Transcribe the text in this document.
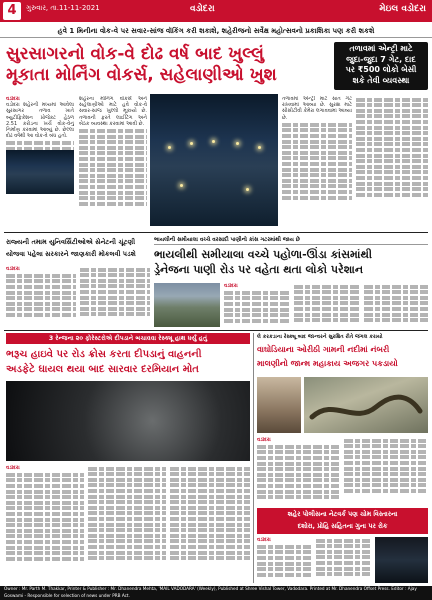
4	ગુરુવાર, તા.11-11-2021	વડોદરા	મેઇલ વડોદરા
હવે 1 મિનીના વોક-વે પર સવાર-સાંજ વૉકિંગ કરી શકાશે, શહેરીજનો સર્વેક્ષ મહોત્સવનો પ્રકાશિકા પણ કરી શકશે
સુરસાગરનો વોક-વે દોઢ વર્ષ બાદ ખુલ્લું
મૂકાતા મોર્નિંગ વોકર્સ, સહેલાણીઓ ખુશ
તળાવમાં એન્ટ્રી માટે
જુદા-જુદા 7 ગેટ, દાદ
પર ₹500 લોકો બેસી
શકે તેવી વ્યવસ્થા
વડોદરા
વડોદરા શહેરની મધ્યમાં આવેલા સુરસાગર તળાવ ખાતે બ્યુટીફિકેશન પ્રોજેક્ટ હેઠળ 2.51 કરોડના ખર્ચે વોક-વેનું નિર્માણ કરવામાં આવ્યું છે. છેલ્લા દોઢ વર્ષથી આ વોક-વે બંધ હતો.
શહેરના મોર્નિંગ વોકર્સ અને સહેલાણીઓ માટે હવે વોક-વે સવાર-સાંજ ખુલ્લો મૂકાયો છે. તળાવની ફરતે લાઈટિંગ અને બેઠક વ્યવસ્થા કરવામાં આવી છે.
તળાવમાં એન્ટ્રી માટે સાત ગેટ રાખવામાં આવ્યા છે. સુરક્ષા માટે સીસીટીવી કેમેરા લગાવવામાં આવ્યા છે.
રાજ્યની તમામ યુનિવર્સિટીઓએ સેનેટની ચૂંટણી
યોજવા પહેલા સરકારને જાણકારી મોકલવી પડશે
વડોદરા
ભાયલીની સમીયાલા વચ્ચે વરસાદી પાણીનો કાંસ ગટરમાંથી જાય છે
ભાયલીથી સમીયાલા વચ્ચે પહોળા-ઊંડા કાંસમાંથી
ડ્રેનેજના પાણી રોડ પર વહેતા થતા લોકો પરેશાન
વડોદરા
3 રેન્જના ૨૦ ફોરેસ્ટરોએ દીપડાને બચાવવા રેસ્ક્યૂ હાથ ધર્યું હતું
ભરૂચ હાઇવે પર રોડ ક્રોસ કરતા દીપડાનું વાહનની
અડફેટે ઘાયલ થયા બાદ સારવાર દરમિયાન મોત
વડોદરા
લે કરકડાના રેસ્ક્યૂ બાદ જાન્વરને સુરક્ષિત રીતે જંગલ કરાયો
વાઘોડિયાના ઓરીઠી ગામની નદીમાં નંબરી
માલણીનો જાન્મ મહાકાય અજગર પકડાયો
વડોદરા
શહેર પોલીસના નેટવર્ક પણ ચોમ વિસ્તારના
દશોરા, પ્રોહિ સહિતના ગુના પર રોક
વડોદરા
Owner : Mr. Parth M. Thakkar, Printer & Publisher : Mr. Dhanendra Mehta, 'MAIL VADODARA' (Weekly), Published at Shree Vishal Tower, Vadodara. Printed at Mr. Dhanendra Offset Press. Editor : Ajay Goswami - Responsible for selection of news under PRB Act.
